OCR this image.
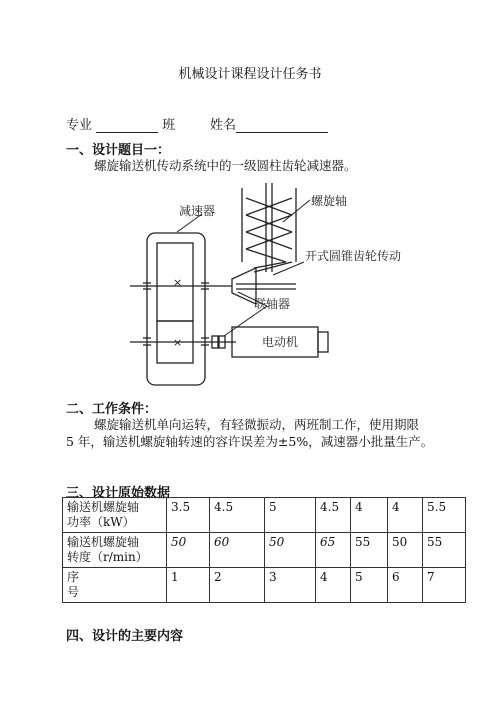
机械设计课程设计任务书
专业	班	姓名
一、设计题目一：
螺旋输送机传动系统中的一级圆柱齿轮减速器。
×
×
减速器
螺旋轴
开式圆锥齿轮传动
联轴器
电动机
二、工作条件：
螺旋输送机单向运转，有轻微振动，两班制工作，使用期限
5 年，输送机螺旋轴转速的容许误差为±5%，减速器小批量生产。
三、设计原始数据
输送机螺旋轴
功率（kW）	3.5	4.5	5	4.5	4	4	5.5
输送机螺旋轴
转度（r/min）	50	60	50	65	55	50	55
序
号	1	2	3	4	5	6	7
四、设计的主要内容
